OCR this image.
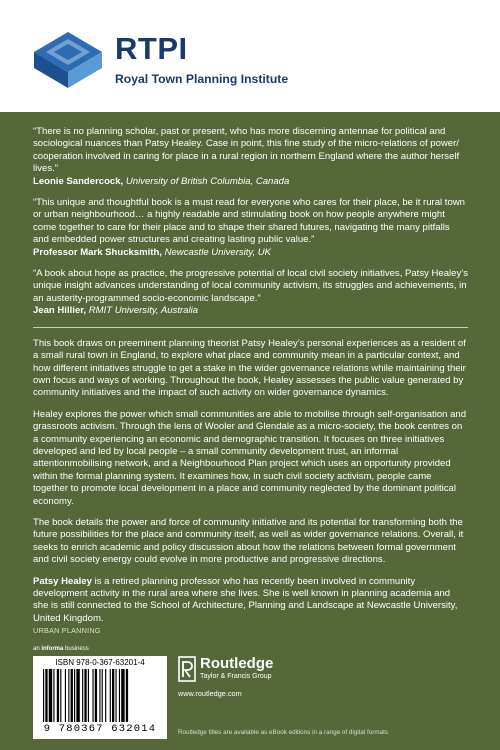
RTPI
Royal Town Planning Institute
“There is no planning scholar, past or present, who has more discerning antennae for political and sociological nuances than Patsy Healey. Case in point, this fine study of the micro-relations of power/ cooperation involved in caring for place in a rural region in northern England where the author herself lives.”
Leonie Sandercock, University of British Columbia, Canada
“This unique and thoughtful book is a must read for everyone who cares for their place, be it rural town or urban neighbourhood… a highly readable and stimulating book on how people anywhere might come together to care for their place and to shape their shared futures, navigating the many pitfalls and embedded power structures and creating lasting public value.”
Professor Mark Shucksmith, Newcastle University, UK
“A book about hope as practice, the progressive potential of local civil society initiatives, Patsy Healey’s unique insight advances understanding of local community activism, its struggles and achievements, in an austerity-programmed socio-economic landscape.”
Jean Hillier, RMIT University, Australia

This book draws on preeminent planning theorist Patsy Healey’s personal experiences as a resident of a small rural town in England, to explore what place and community mean in a particular context, and how different initiatives struggle to get a stake in the wider governance relations while maintaining their own focus and ways of working. Throughout the book, Healey assesses the public value generated by community initiatives and the impact of such activity on wider governance dynamics.

Healey explores the power which small communities are able to mobilise through self-organisation and grassroots activism. Through the lens of Wooler and Glendale as a micro-society, the book centres on a community experiencing an economic and demographic transition. It focuses on three initiatives developed and led by local people – a small community development trust, an informal attentionmobilising network, and a Neighbourhood Plan project which uses an opportunity provided within the formal planning system. It examines how, in such civil society activism, people came together to promote local development in a place and community neglected by the dominant political economy.

The book details the power and force of community initiative and its potential for transforming both the future possibilities for the place and community itself, as well as wider governance relations. Overall, it seeks to enrich academic and policy discussion about how the relations between formal government and civil society energy could evolve in more productive and progressive directions.

Patsy Healey is a retired planning professor who has recently been involved in community development activity in the rural area where she lives. She is well known in planning academia and she is still connected to the School of Architecture, Planning and Landscape at Newcastle University, United Kingdom.

URBAN PLANNING
an informa business
ISBN 978-0-367-63201-4
9 780367 632014
Routledge
Taylor & Francis Group
www.routledge.com
Routledge titles are available as eBook editions in a range of digital formats
